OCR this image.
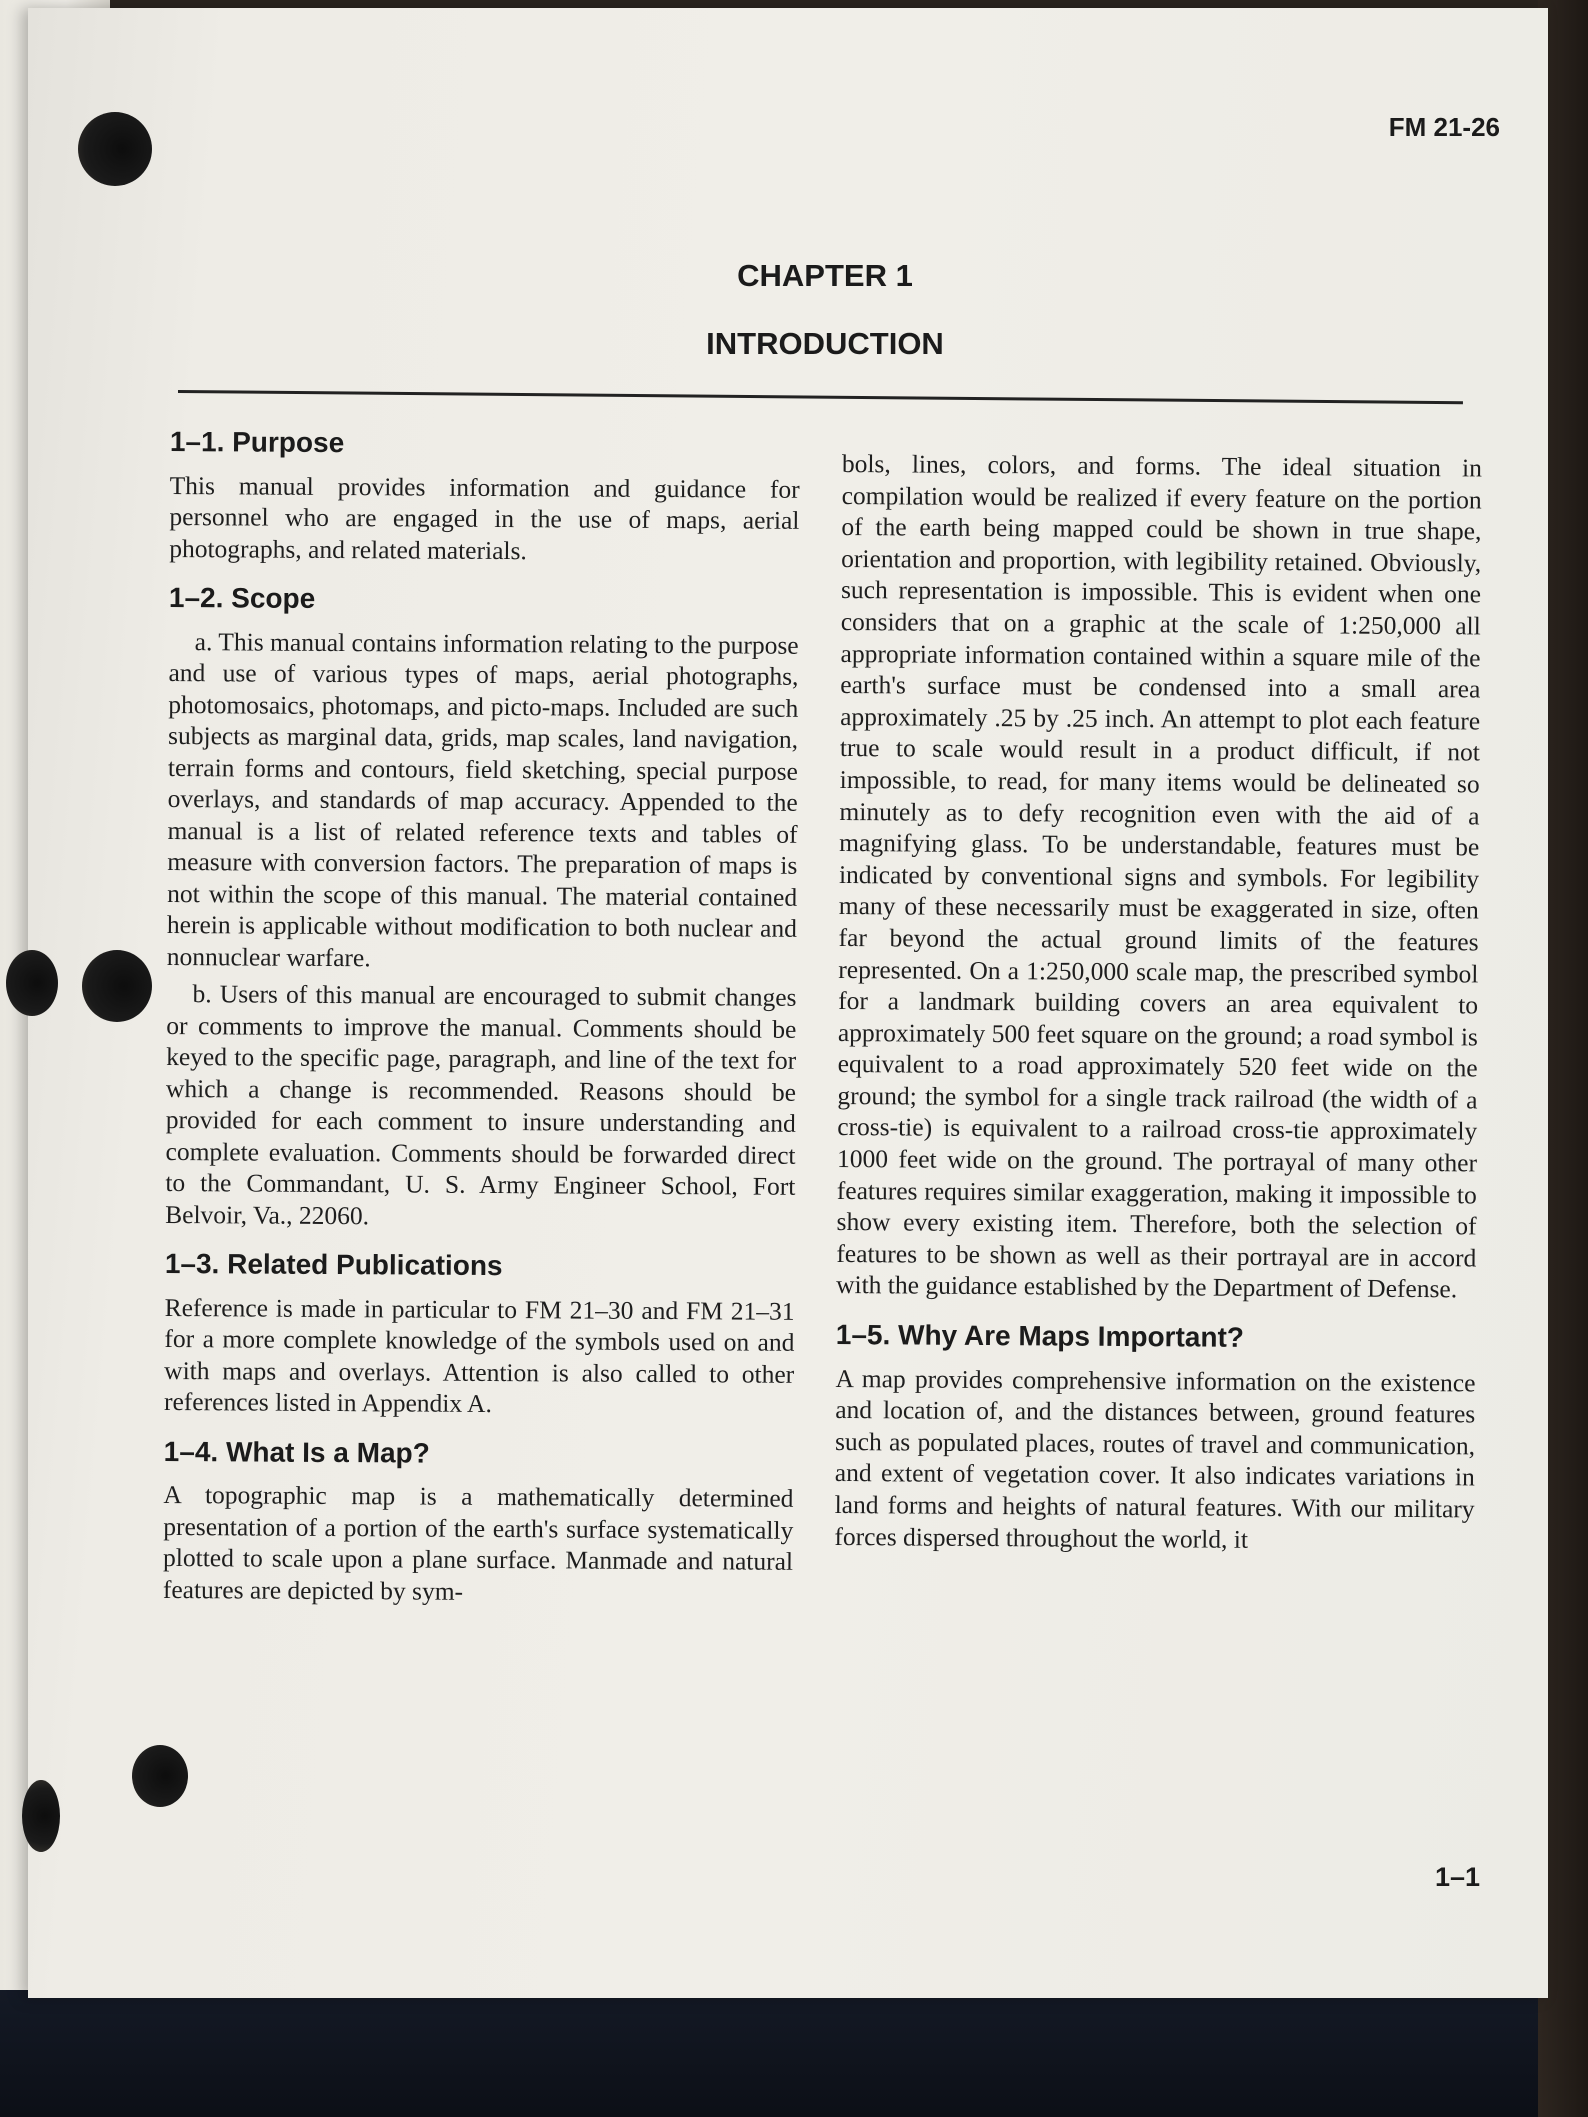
FM 21-26
CHAPTER 1
INTRODUCTION
1–1. Purpose

This manual provides information and guidance for personnel who are engaged in the use of maps, aerial photographs, and related materials.

1–2. Scope

a. This manual contains information relating to the purpose and use of various types of maps, aerial photographs, photomosaics, photomaps, and picto-maps. Included are such subjects as marginal data, grids, map scales, land navigation, terrain forms and contours, field sketching, special purpose overlays, and standards of map accuracy. Appended to the manual is a list of related reference texts and tables of measure with conversion factors. The preparation of maps is not within the scope of this manual. The material contained herein is applicable without modification to both nuclear and nonnuclear warfare.

b. Users of this manual are encouraged to submit changes or comments to improve the manual. Comments should be keyed to the specific page, paragraph, and line of the text for which a change is recommended. Reasons should be provided for each comment to insure understanding and complete evaluation. Comments should be forwarded direct to the Commandant, U. S. Army Engineer School, Fort Belvoir, Va., 22060.

1–3. Related Publications

Reference is made in particular to FM 21–30 and FM 21–31 for a more complete knowledge of the symbols used on and with maps and overlays. Attention is also called to other references listed in Appendix A.

1–4. What Is a Map?

A topographic map is a mathematically determined presentation of a portion of the earth's surface systematically plotted to scale upon a plane surface. Manmade and natural features are depicted by sym-

bols, lines, colors, and forms. The ideal situation in compilation would be realized if every feature on the portion of the earth being mapped could be shown in true shape, orientation and proportion, with legibility retained. Obviously, such representation is impossible. This is evident when one considers that on a graphic at the scale of 1:250,000 all appropriate information contained within a square mile of the earth's surface must be condensed into a small area approximately .25 by .25 inch. An attempt to plot each feature true to scale would result in a product difficult, if not impossible, to read, for many items would be delineated so minutely as to defy recognition even with the aid of a magnifying glass. To be understandable, features must be indicated by conventional signs and symbols. For legibility many of these necessarily must be exaggerated in size, often far beyond the actual ground limits of the features represented. On a 1:250,000 scale map, the prescribed symbol for a landmark building covers an area equivalent to approximately 500 feet square on the ground; a road symbol is equivalent to a road approximately 520 feet wide on the ground; the symbol for a single track railroad (the width of a cross-tie) is equivalent to a railroad cross-tie approximately 1000 feet wide on the ground. The portrayal of many other features requires similar exaggeration, making it impossible to show every existing item. Therefore, both the selection of features to be shown as well as their portrayal are in accord with the guidance established by the Department of Defense.

1–5. Why Are Maps Important?

A map provides comprehensive information on the existence and location of, and the distances between, ground features such as populated places, routes of travel and communication, and extent of vegetation cover. It also indicates variations in land forms and heights of natural features. With our military forces dispersed throughout the world, it

1–1
